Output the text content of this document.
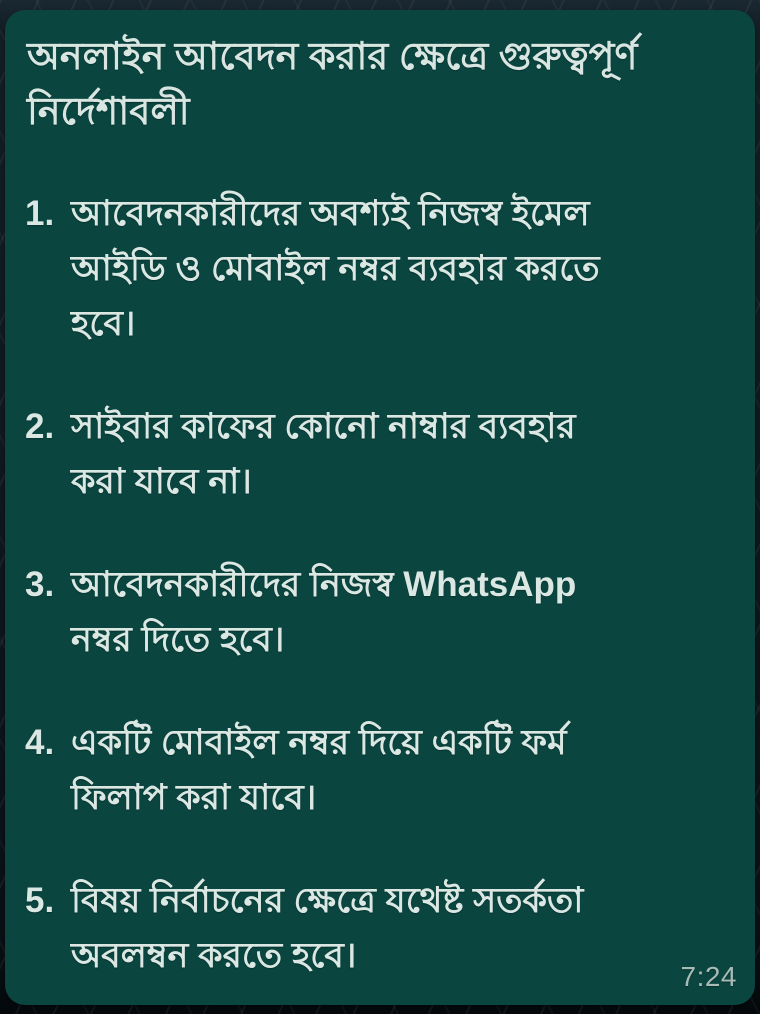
অনলাইন আবেদন করার ক্ষেত্রে গুরুত্বপূর্ণ নির্দেশাবলী
1. আবেদনকারীদের অবশ্যই নিজস্ব ইমেল আইডি ও মোবাইল নম্বর ব্যবহার করতে হবে।
2. সাইবার কাফের কোনো নাম্বার ব্যবহার করা যাবে না।
3. আবেদনকারীদের নিজস্ব WhatsApp নম্বর দিতে হবে।
4. একটি মোবাইল নম্বর দিয়ে একটি ফর্ম ফিলাপ করা যাবে।
5. বিষয় নির্বাচনের ক্ষেত্রে যথেষ্ট সতর্কতা অবলম্বন করতে হবে।
7:24
